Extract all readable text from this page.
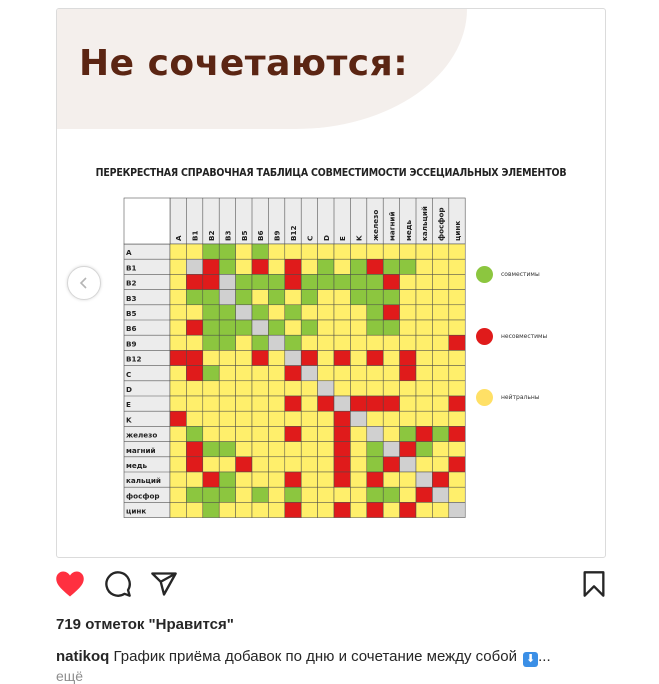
Не сочетаются:
ПЕРЕКРЕСТНАЯ СПРАВОЧНАЯ ТАБЛИЦА СОВМЕСТИМОСТИ ЭССЕЦИАЛЬНЫХ ЭЛЕМЕНТОВ
A B1 B2 B3 B5 B6 B9 B12 C D E K железо магний медь кальций фосфор цинк
A
B1
B2
B3
B5
B6
B9
B12
C
D
E
K
железо
магний
медь
кальций
фосфор
цинк
совместимы
несовместимы
нейтральны
719 отметок "Нравится"
natikoq График приёма добавок по дню и сочетание между собой ⬇ ...
ещё
